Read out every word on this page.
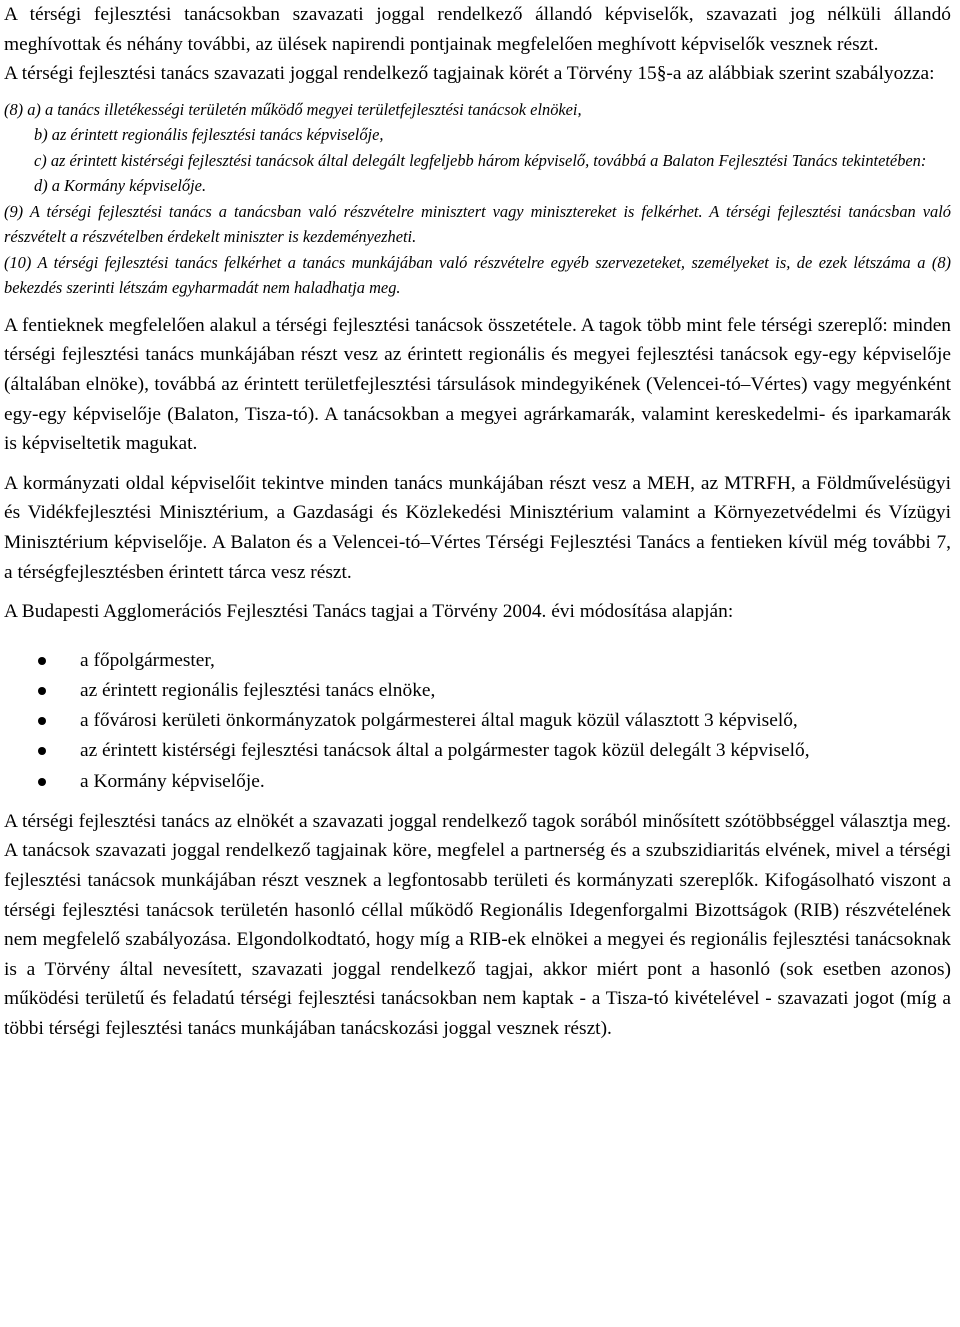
A térségi fejlesztési tanácsokban szavazati joggal rendelkező állandó képviselők, szavazati jog nélküli állandó meghívottak és néhány további, az ülések napirendi pontjainak megfelelően meghívott képviselők vesznek részt.

A térségi fejlesztési tanács szavazati joggal rendelkező tagjainak körét a Törvény 15§-a az alábbiak szerint szabályozza:

(8) a) a tanács illetékességi területén működő megyei területfejlesztési tanácsok elnökei,

b) az érintett regionális fejlesztési tanács képviselője,

c) az érintett kistérségi fejlesztési tanácsok által delegált legfeljebb három képviselő, továbbá a Balaton Fejlesztési Tanács tekintetében:

d) a Kormány képviselője.

(9) A térségi fejlesztési tanács a tanácsban való részvételre minisztert vagy minisztereket is felkérhet. A térségi fejlesztési tanácsban való részvételt a részvételben érdekelt miniszter is kezdeményezheti.

(10) A térségi fejlesztési tanács felkérhet a tanács munkájában való részvételre egyéb szervezeteket, személyeket is, de ezek létszáma a (8) bekezdés szerinti létszám egyharmadát nem haladhatja meg.

A fentieknek megfelelően alakul a térségi fejlesztési tanácsok összetétele. A tagok több mint fele térségi szereplő: minden térségi fejlesztési tanács munkájában részt vesz az érintett regionális és megyei fejlesztési tanácsok egy-egy képviselője (általában elnöke), továbbá az érintett területfejlesztési társulások mindegyikének (Velencei-tó–Vértes) vagy megyénként egy-egy képviselője (Balaton, Tisza-tó). A tanácsokban a megyei agrárkamarák, valamint kereskedelmi- és iparkamarák is képviseltetik magukat.

A kormányzati oldal képviselőit tekintve minden tanács munkájában részt vesz a MEH, az MTRFH, a Földművelésügyi és Vidékfejlesztési Minisztérium, a Gazdasági és Közlekedési Minisztérium valamint a Környezetvédelmi és Vízügyi Minisztérium képviselője. A Balaton és a Velencei-tó–Vértes Térségi Fejlesztési Tanács a fentieken kívül még további 7, a térségfejlesztésben érintett tárca vesz részt.

A Budapesti Agglomerációs Fejlesztési Tanács tagjai a Törvény 2004. évi módosítása alapján:

a főpolgármester,
az érintett regionális fejlesztési tanács elnöke,
a fővárosi kerületi önkormányzatok polgármesterei által maguk közül választott 3 képviselő,
az érintett kistérségi fejlesztési tanácsok által a polgármester tagok közül delegált 3 képviselő,
a Kormány képviselője.

A térségi fejlesztési tanács az elnökét a szavazati joggal rendelkező tagok sorából minősített szótöbbséggel választja meg. A tanácsok szavazati joggal rendelkező tagjainak köre, megfelel a partnerség és a szubszidiaritás elvének, mivel a térségi fejlesztési tanácsok munkájában részt vesznek a legfontosabb területi és kormányzati szereplők. Kifogásolható viszont a térségi fejlesztési tanácsok területén hasonló céllal működő Regionális Idegenforgalmi Bizottságok (RIB) részvételének nem megfelelő szabályozása. Elgondolkodtató, hogy míg a RIB-ek elnökei a megyei és regionális fejlesztési tanácsoknak is a Törvény által nevesített, szavazati joggal rendelkező tagjai, akkor miért pont a hasonló (sok esetben azonos) működési területű és feladatú térségi fejlesztési tanácsokban nem kaptak - a Tisza-tó kivételével - szavazati jogot (míg a többi térségi fejlesztési tanács munkájában tanácskozási joggal vesznek részt).
